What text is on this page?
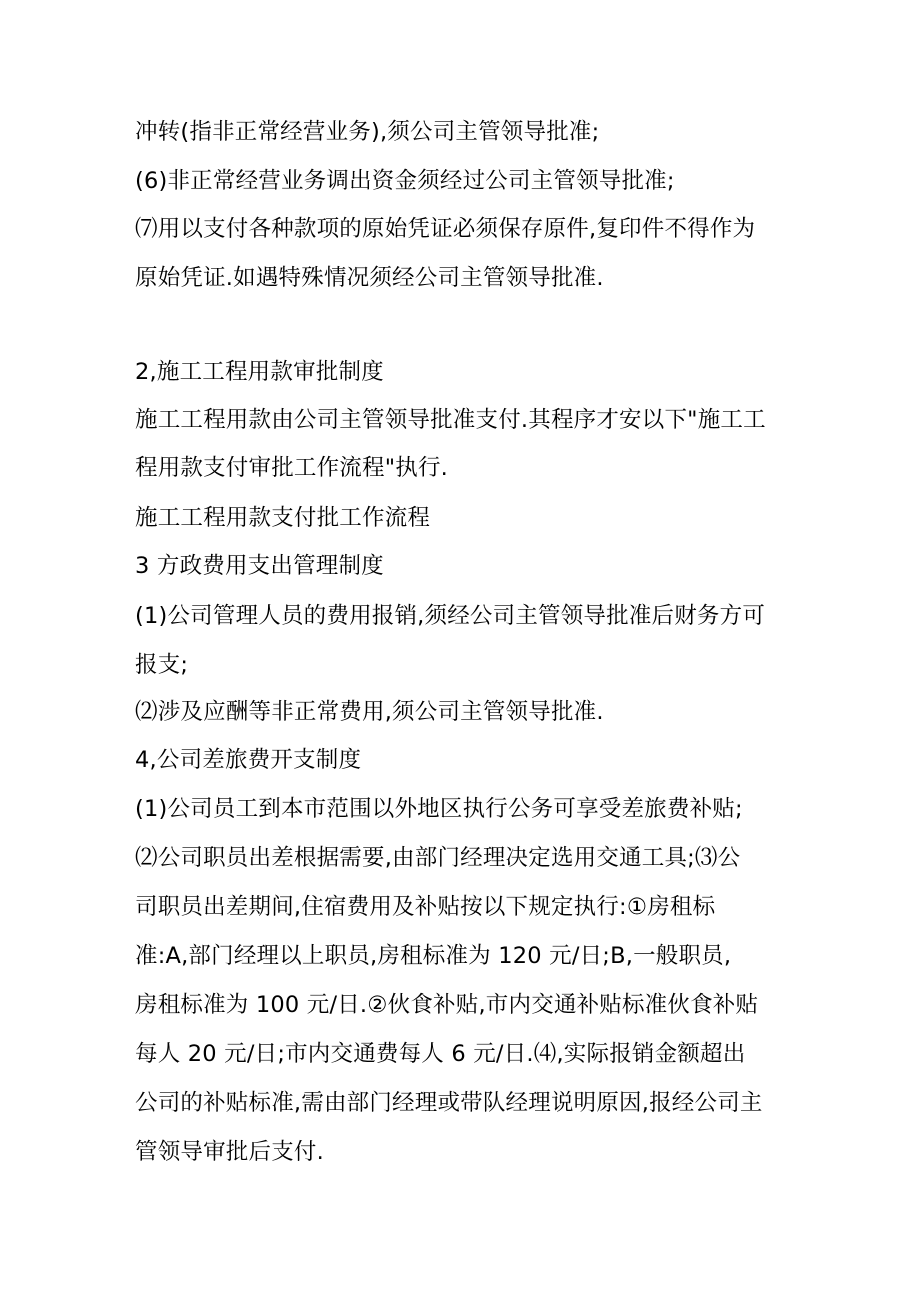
冲转(指非正常经营业务),须公司主管领导批准;

(6)非正常经营业务调出资金须经过公司主管领导批准;

⑺用以支付各种款项的原始凭证必须保存原件,复印件不得作为

原始凭证.如遇特殊情况须经公司主管领导批准.

2,施工工程用款审批制度

施工工程用款由公司主管领导批准支付.其程序才安以下"施工工

程用款支付审批工作流程"执行.

施工工程用款支付批工作流程

3 方政费用支出管理制度

(1)公司管理人员的费用报销,须经公司主管领导批准后财务方可

报支;

⑵涉及应酬等非正常费用,须公司主管领导批准.

4,公司差旅费开支制度

(1)公司员工到本市范围以外地区执行公务可享受差旅费补贴;

⑵公司职员出差根据需要,由部门经理决定选用交通工具;⑶公

司职员出差期间,住宿费用及补贴按以下规定执行:①房租标

准:A,部门经理以上职员,房租标准为 120 元/日;B,一般职员,

房租标准为 100 元/日.②伙食补贴,市内交通补贴标准伙食补贴

每人 20 元/日;市内交通费每人 6 元/日.⑷,实际报销金额超出

公司的补贴标准,需由部门经理或带队经理说明原因,报经公司主

管领导审批后支付.
